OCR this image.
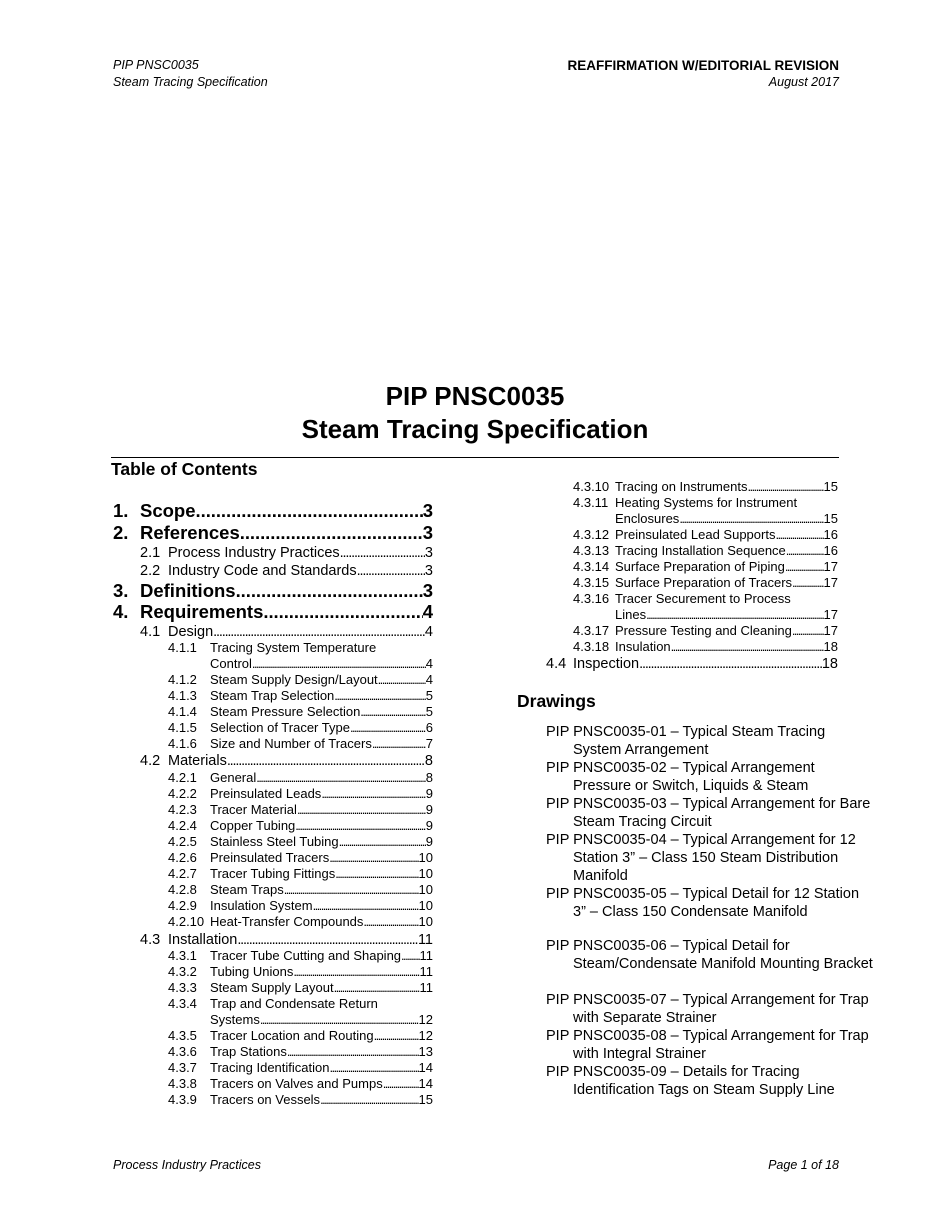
PIP PNSC0035
Steam Tracing Specification
REAFFIRMATION W/EDITORIAL REVISION
August 2017
PIP PNSC0035
Steam Tracing Specification
Table of Contents
1. Scope . . .	3
2. References . . .	3
2.1 Process Industry Practices . . .	3
2.2 Industry Code and Standards . . .	3
3. Definitions . . .	3
4. Requirements . . .	4
4.1 Design . . .	4
4.1.1 Tracing System Temperature
Control . . .	4
4.1.2	Steam Supply Design/Layout . . .	4
4.1.3	Steam Trap Selection . . .	5
4.1.4	Steam Pressure Selection . . .	5
4.1.5	Selection of Tracer Type . . .	6
4.1.6	Size and Number of Tracers . . .	7
4.2 Materials . . .	8
4.2.1	General . . .	8
4.2.2	Preinsulated Leads . . .	9
4.2.3	Tracer Material . . .	9
4.2.4	Copper Tubing . . .	9
4.2.5	Stainless Steel Tubing . . .	9
4.2.6	Preinsulated Tracers . . .	10
4.2.7	Tracer Tubing Fittings . . .	10
4.2.8	Steam Traps . . .	10
4.2.9	Insulation System . . .	10
4.2.10 Heat-Transfer Compounds . . .	10
4.3 Installation . . .	11
4.3.1	Tracer Tube Cutting and Shaping . . . 11
4.3.2	Tubing Unions . . .	11
4.3.3	Steam Supply Layout . . .	11
4.3.4 Trap and Condensate Return
Systems . . .	12
4.3.5	Tracer Location and Routing . . .	12
4.3.6	Trap Stations . . .	13
4.3.7	Tracing Identification . . .	14
4.3.8	Tracers on Valves and Pumps . . .	14
4.3.9	Tracers on Vessels . . .	15
4.3.10 Tracing on Instruments . . .	15
4.3.11 Heating Systems for Instrument
Enclosures . . .	15
4.3.12 Preinsulated Lead Supports . . .	16
4.3.13 Tracing Installation Sequence . . .	16
4.3.14 Surface Preparation of Piping . . .	17
4.3.15 Surface Preparation of Tracers . . . 17
4.3.16 Tracer Securement to Process
Lines . . .	17
4.3.17 Pressure Testing and Cleaning . . . 17
4.3.18 Insulation . . .	18
4.4 Inspection . . .	18
Drawings
PIP PNSC0035-01 – Typical Steam Tracing System Arrangement
PIP PNSC0035-02 – Typical Arrangement Pressure or Switch, Liquids & Steam
PIP PNSC0035-03 – Typical Arrangement for Bare Steam Tracing Circuit
PIP PNSC0035-04 – Typical Arrangement for 12 Station 3” – Class 150 Steam Distribution Manifold
PIP PNSC0035-05 – Typical Detail for 12 Station 3” – Class 150 Condensate Manifold
PIP PNSC0035-06 – Typical Detail for Steam/Condensate Manifold Mounting Bracket
PIP PNSC0035-07 – Typical Arrangement for Trap with Separate Strainer
PIP PNSC0035-08 – Typical Arrangement for Trap with Integral Strainer
PIP PNSC0035-09 – Details for Tracing Identification Tags on Steam Supply Line
Process Industry Practices	Page 1 of 18
